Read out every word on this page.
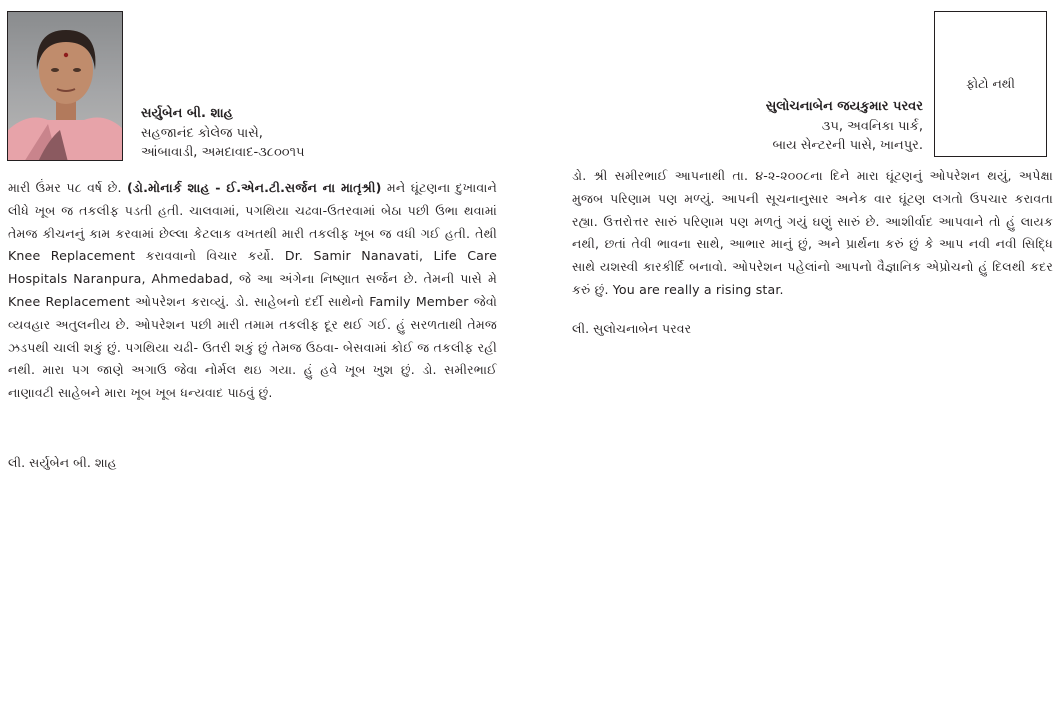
સર્યુબેન બી. શાહ
સહજાનંદ કોલેજ પાસે,
આંબાવાડી, અમદાવાદ-૩૮૦૦૧૫

મારી ઉંમર ૫૮ વર્ષ છે. (ડો.મોનાર્ક શાહ - ઈ.એન.ટી.સર્જન ના માતૃશ્રી) મને ઘૂંટણના દુખાવાને લીધે ખૂબ જ તકલીફ પડતી હતી. ચાલવામાં, પગથિયા ચઢવા-ઉતરવામાં બેઠા પછી ઉભા થવામાં તેમજ કીચનનું કામ કરવામાં છેલ્લા કેટલાક વખતથી મારી તકલીફ ખૂબ જ વધી ગઈ હતી. તેથી Knee Replacement કરાવવાનો વિચાર કર્યો. Dr. Samir Nanavati, Life Care Hospitals Naranpura, Ahmedabad, જે આ અંગેના નિષ્ણાત સર્જન છે. તેમની પાસે મે Knee Replacement ઓપરેશન કરાવ્યું. ડો. સાહેબનો દર્દી સાથેનો Family Member જેવો વ્યવહાર અતુલનીય છે. ઓપરેશન પછી મારી તમામ તકલીફ દૂર થઈ ગઈ. હું સરળતાથી તેમજ ઝડપથી ચાલી શકું છું. પગથિયા ચઢી- ઉતરી શકું છું તેમજ ઉઠવા- બેસવામાં કોઈ જ તકલીફ રહી નથી. મારા પગ જાણે અગાઉ જેવા નોર્મલ થઇ ગયા. હું હવે ખૂબ ખુશ છું. ડો. સમીરભાઈ નાણાવટી સાહેબને મારા ખૂબ ખૂબ ધન્યવાદ પાઠવું છું.

લી. સર્યુબેન બી. શાહ
ફોટો નથી
સુલોચનાબેન જયકુમાર પરવર
૩૫, અવનિકા પાર્ક,
બાય સેન્ટરની પાસે, ખાનપુર.

ડો. શ્રી સમીરભાઈ આપનાથી તા. ૪-૨-૨૦૦૮ના દિને મારા ઘૂંટણનું ઓપરેશન થયું, અપેક્ષા મુજબ પરિણામ પણ મળ્યું. આપની સૂચનાનુસાર અનેક વાર ઘૂંટણ લગતો ઉપચાર કરાવતા રહ્યા. ઉત્તરોત્તર સારું પરિણામ પણ મળતું ગયું ઘણું સારું છે. આશીર્વાદ આપવાને તો હું લાયક નથી, છતાં તેવી ભાવના સાથે, આભાર માનું છું, અને પ્રાર્થના કરું છું કે આપ નવી નવી સિદ્ધિ સાથે યશસ્વી કારકીર્દિ બનાવો. ઓપરેશન પહેલાંનો આપનો વૈજ્ઞાનિક એપ્રોચનો હું દિલથી કદર કરું છું. You are really a rising star.

લી. સુલોચનાબેન પરવર
